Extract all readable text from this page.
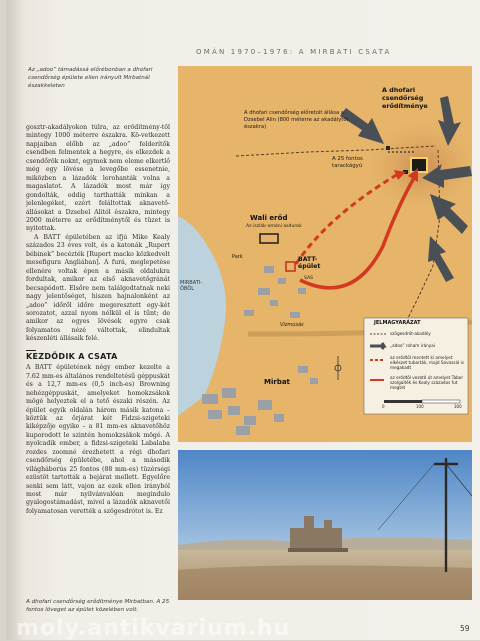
OMÁN 1970–1976: A MIRBATI CSATA
Az „adoo” támadássá előrébonban a dhofari csendőrség épülete ellen irányult Mirbatnál északkeleten

gosztr-akadályokon túlra, az erődítmény-től mintegy 1000 méterre északra. Kö-vetkezett napjaiban előbb az „adoo” felderítők csendben felmentek a hegyre, és elkezdek a csendőrök noknt, egymek nem eleme elkertlő még egy lövése a levegőbe essenetnie, miközben a lázadók lerohanták volna a magaslatot. A lázadók most már igy gondolták, eddig tarthatták minkan a jelenlegéket, ezért feláltottak aknavető-állásokat a Dzsebel Alitól északra, mintegy 2000 méterre az erődítménytől és tüzet is nyitottak.

A BATT épületében az ifjú Mike Kealy százados 23 éves volt, és a katonák „Rupert bébinek” becézték [Rupert macko közkedvelt mesefigura Angliában]. A furá, meglepetése ellenére voltak épen a másik oldalukra fordultak, amikor az első aknavetőgránát becsapódott. Elsőre nem találgodtatnak neki nagy jelentőséget, hiszen hajnalonként az „adoo” időről időre megeresztett egy-két sorozatot, azzal nyom nélkül el is tűnt; de amikor az egyes lövések egyre csak folyamatos nézé váltottak, elindultak készenléti állásaik felé.

KEZDŐDIK A CSATA

A BATT épületének négy ember kezelte a 7.62 mm-es általános rendeltetésű géppuskát és a 12,7 mm-es (0,5 inch-es) Browning nehézgéppuskát, amelyeket homokzsákok mögé helyeztek el a tető északi részén. Az épület egyik oldalán három másik katona – köztük az őrjárat két Fidzsi-szigeteki kiképzője egyike – a 81 mm-es aknavetőhöz kuporodott le szintén homokzsákok mögé. A nyolcadik ember, a fidzsi-szigeteki Labalaba rozdes zoomné érezhetett a régi dhofari csendőrség épületébe, ahol a második világháborús 25 fontos (88 mm-es) tüzérségi ezüstöt tartották a bejárat mellett. Egyelőre senki sem látt, vajon az ezek ellen irányból most már nyilvánvalóan megindulo gyalogostámadást, mivel a lázadók aknavetői folyamatosan verették a szögesdrótot is. Ez

MIRBATI-ÖBÖL
A dhofari csendőrség erődítménye
A dhofari csendőrség előretolt állása a Dzsebel Alin (800 méterre az akadálytól északra)
A 25 fontos tarackágyú
Wali erőd
Az iszlák-ománi asdurok
BATT-épület
SAS
Park
Vízmosás
Mirbat
JELMAGYARÁZAT
szögesdrót-akadály
„adoo” roham irányai
az erődtöl mentett ki amelyet elkészet tubarták, majd Savassál is megakadt
az erődtöl vezető út amelyet Tabor szolgaiték és Kealy százados fut megtet
0	100	300
A dhofari csendőrség erődítménye Mirbatban. A 25 fontos löveget az épület közelében volt.
59
moly.antikvarium.hu
